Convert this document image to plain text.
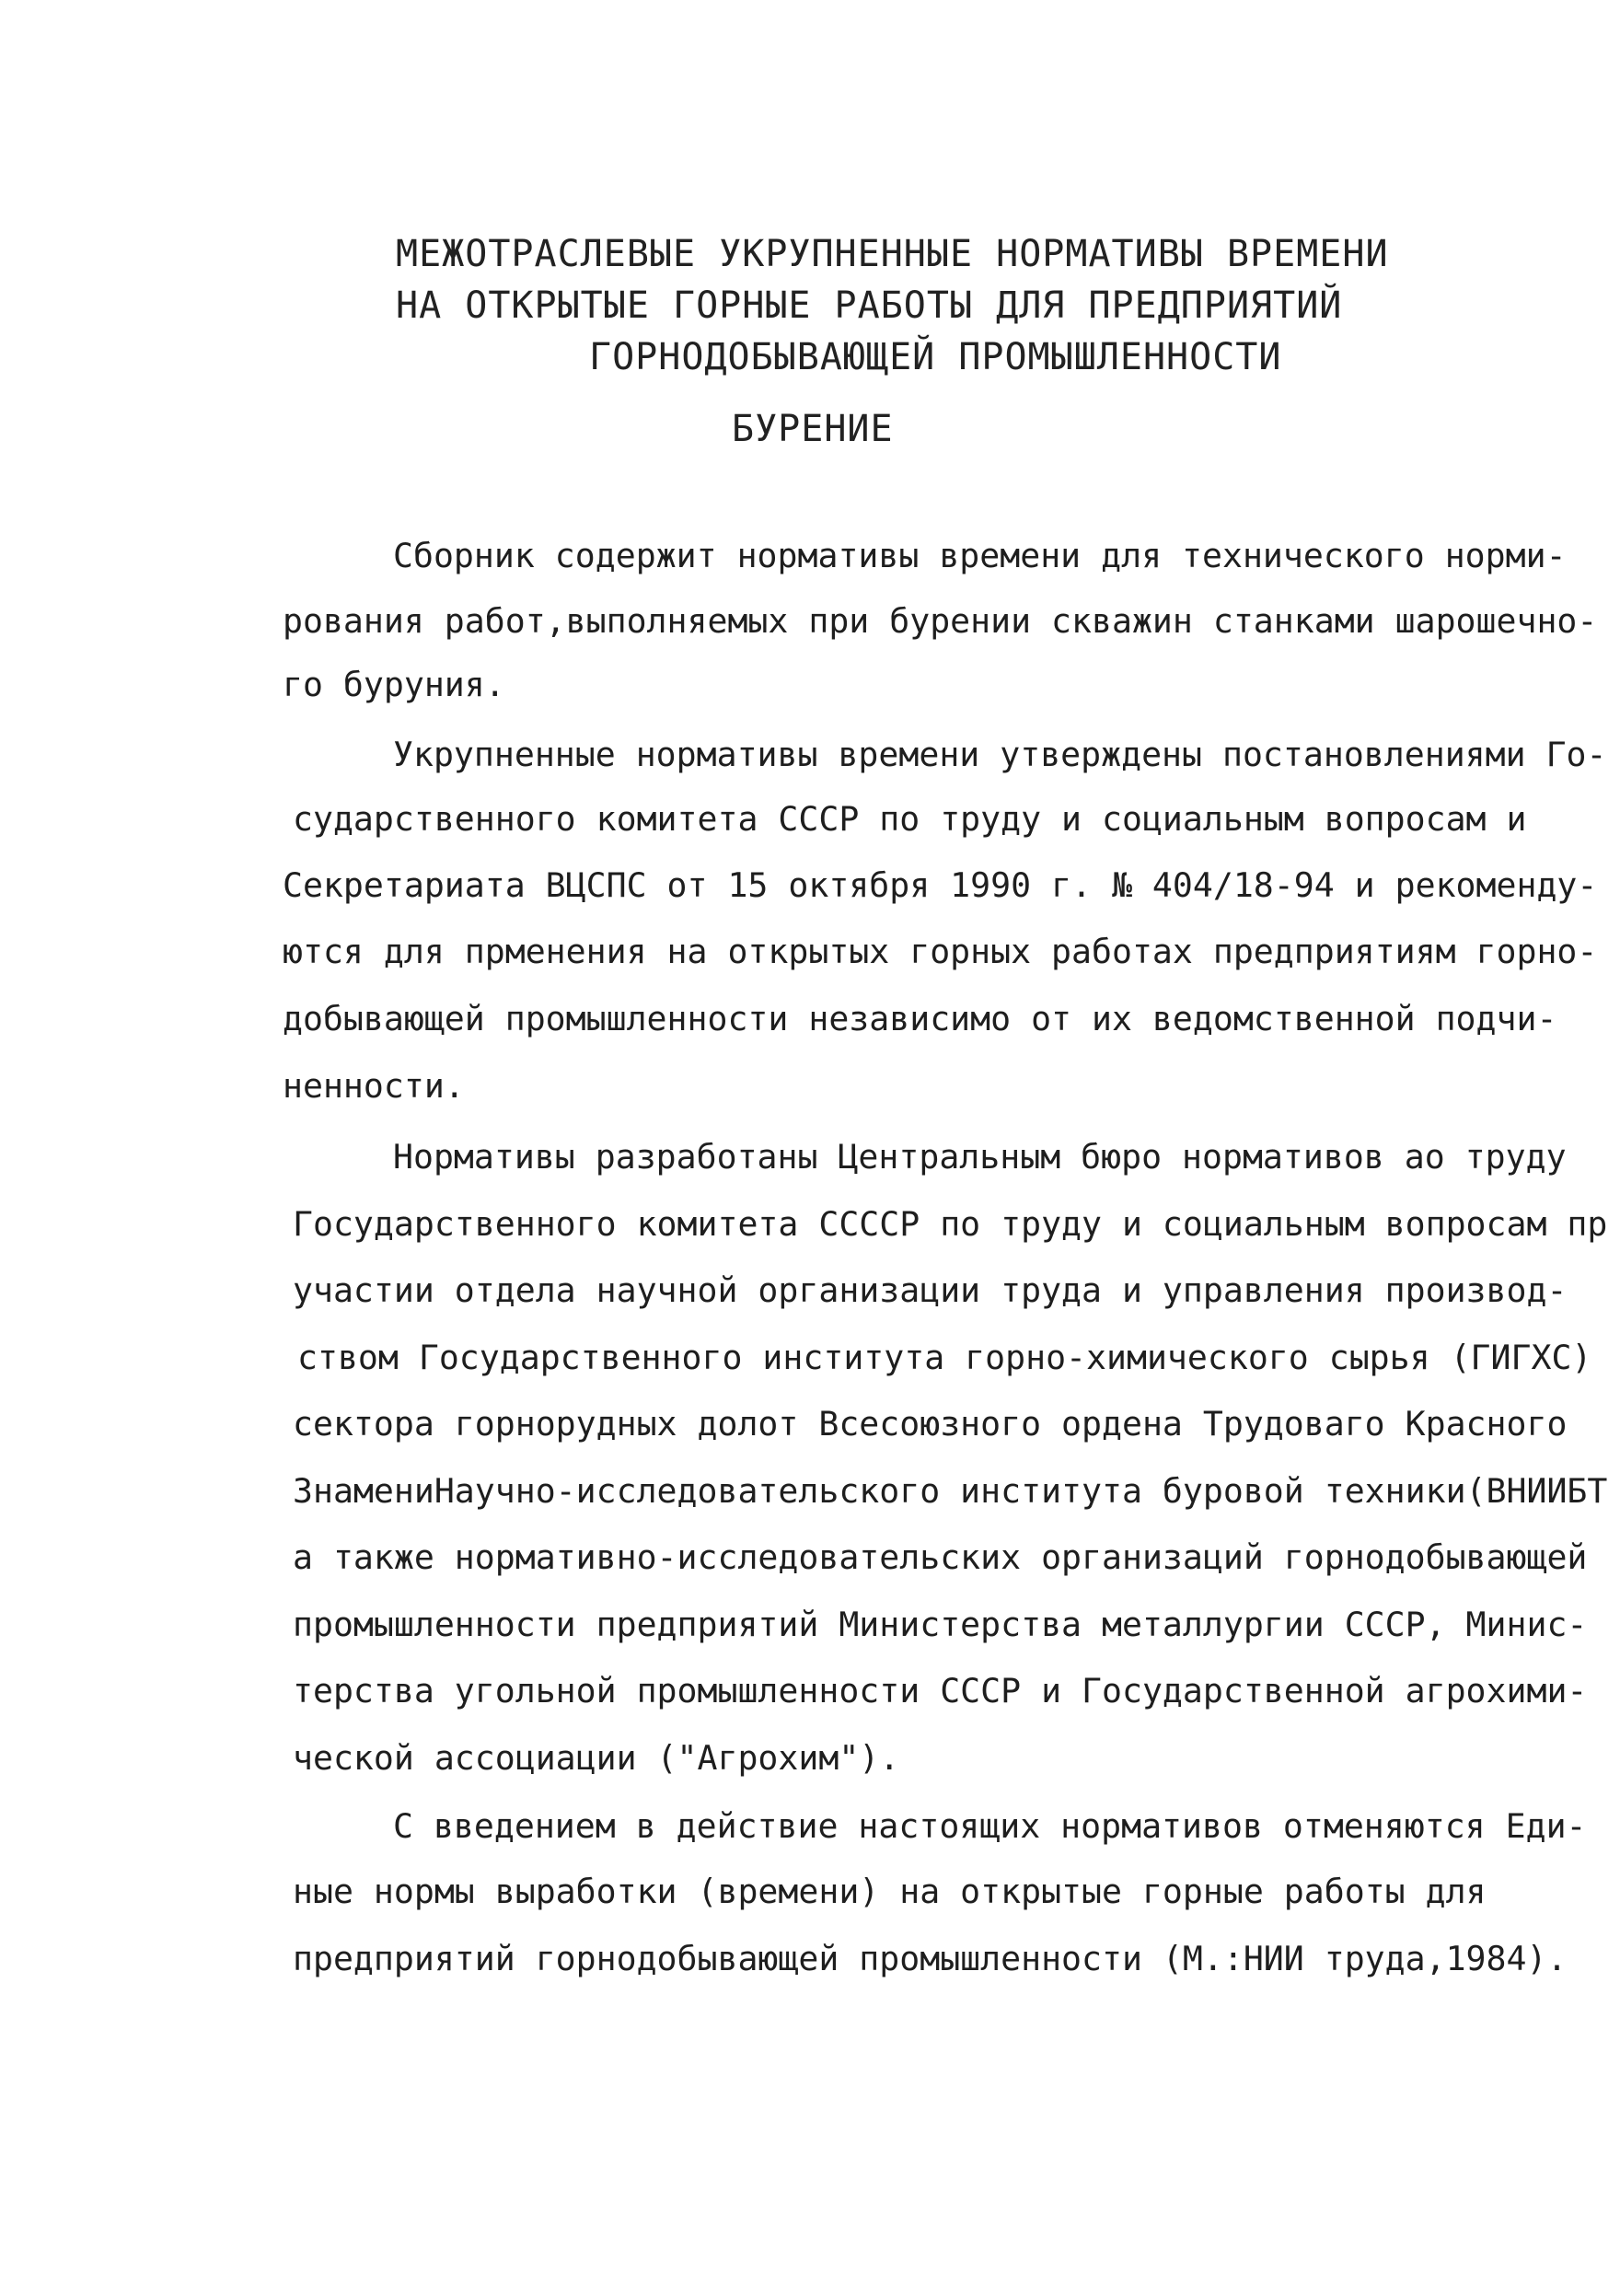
МЕЖОТРАСЛЕВЫЕ УКРУПНЕННЫЕ НОРМАТИВЫ ВРЕМЕНИ
НА ОТКРЫТЫЕ ГОРНЫЕ РАБОТЫ ДЛЯ ПРЕДПРИЯТИЙ
ГОРНОДОБЫВАЮЩЕЙ ПРОМЫШЛЕННОСТИ
БУРЕНИЕ
Сборник содержит нормативы времени для технического норми-
рования работ,выполняемых при бурении скважин станками шарошечно-
го буруния.
Укрупненные нормативы времени утверждены постановлениями Го-
сударственного комитета СССР по труду и социальным вопросам и
Секретариата ВЦСПС от 15 октября 1990 г. № 404/18-94 и рекоменду-
ются для прменения на открытых горных работах предприятиям горно-
добывающей промышленности независимо от их ведомственной подчи-
ненности.
Нормативы разработаны Центральным бюро нормативов ао труду
Государственного комитета ССССР по труду и социальным вопросам пр
участии отдела научной организации труда и управления производ-
ством Государственного института горно-химического сырья (ГИГХС)
сектора горнорудных долот Всесоюзного ордена Трудоваго Красного
ЗнамениНаучно-исследовательского института буровой техники(ВНИИБТ
а также нормативно-исследовательских организаций горнодобывающей
промышленности предприятий Министерства металлургии СССР, Минис-
терства угольной промышленности СССР и Государственной агрохими-
ческой ассоциации ("Агрохим").
С введением в действие настоящих нормативов отменяются Еди-
ные нормы выработки (времени) на открытые горные работы для
предприятий горнодобывающей промышленности (М.:НИИ труда,1984).
